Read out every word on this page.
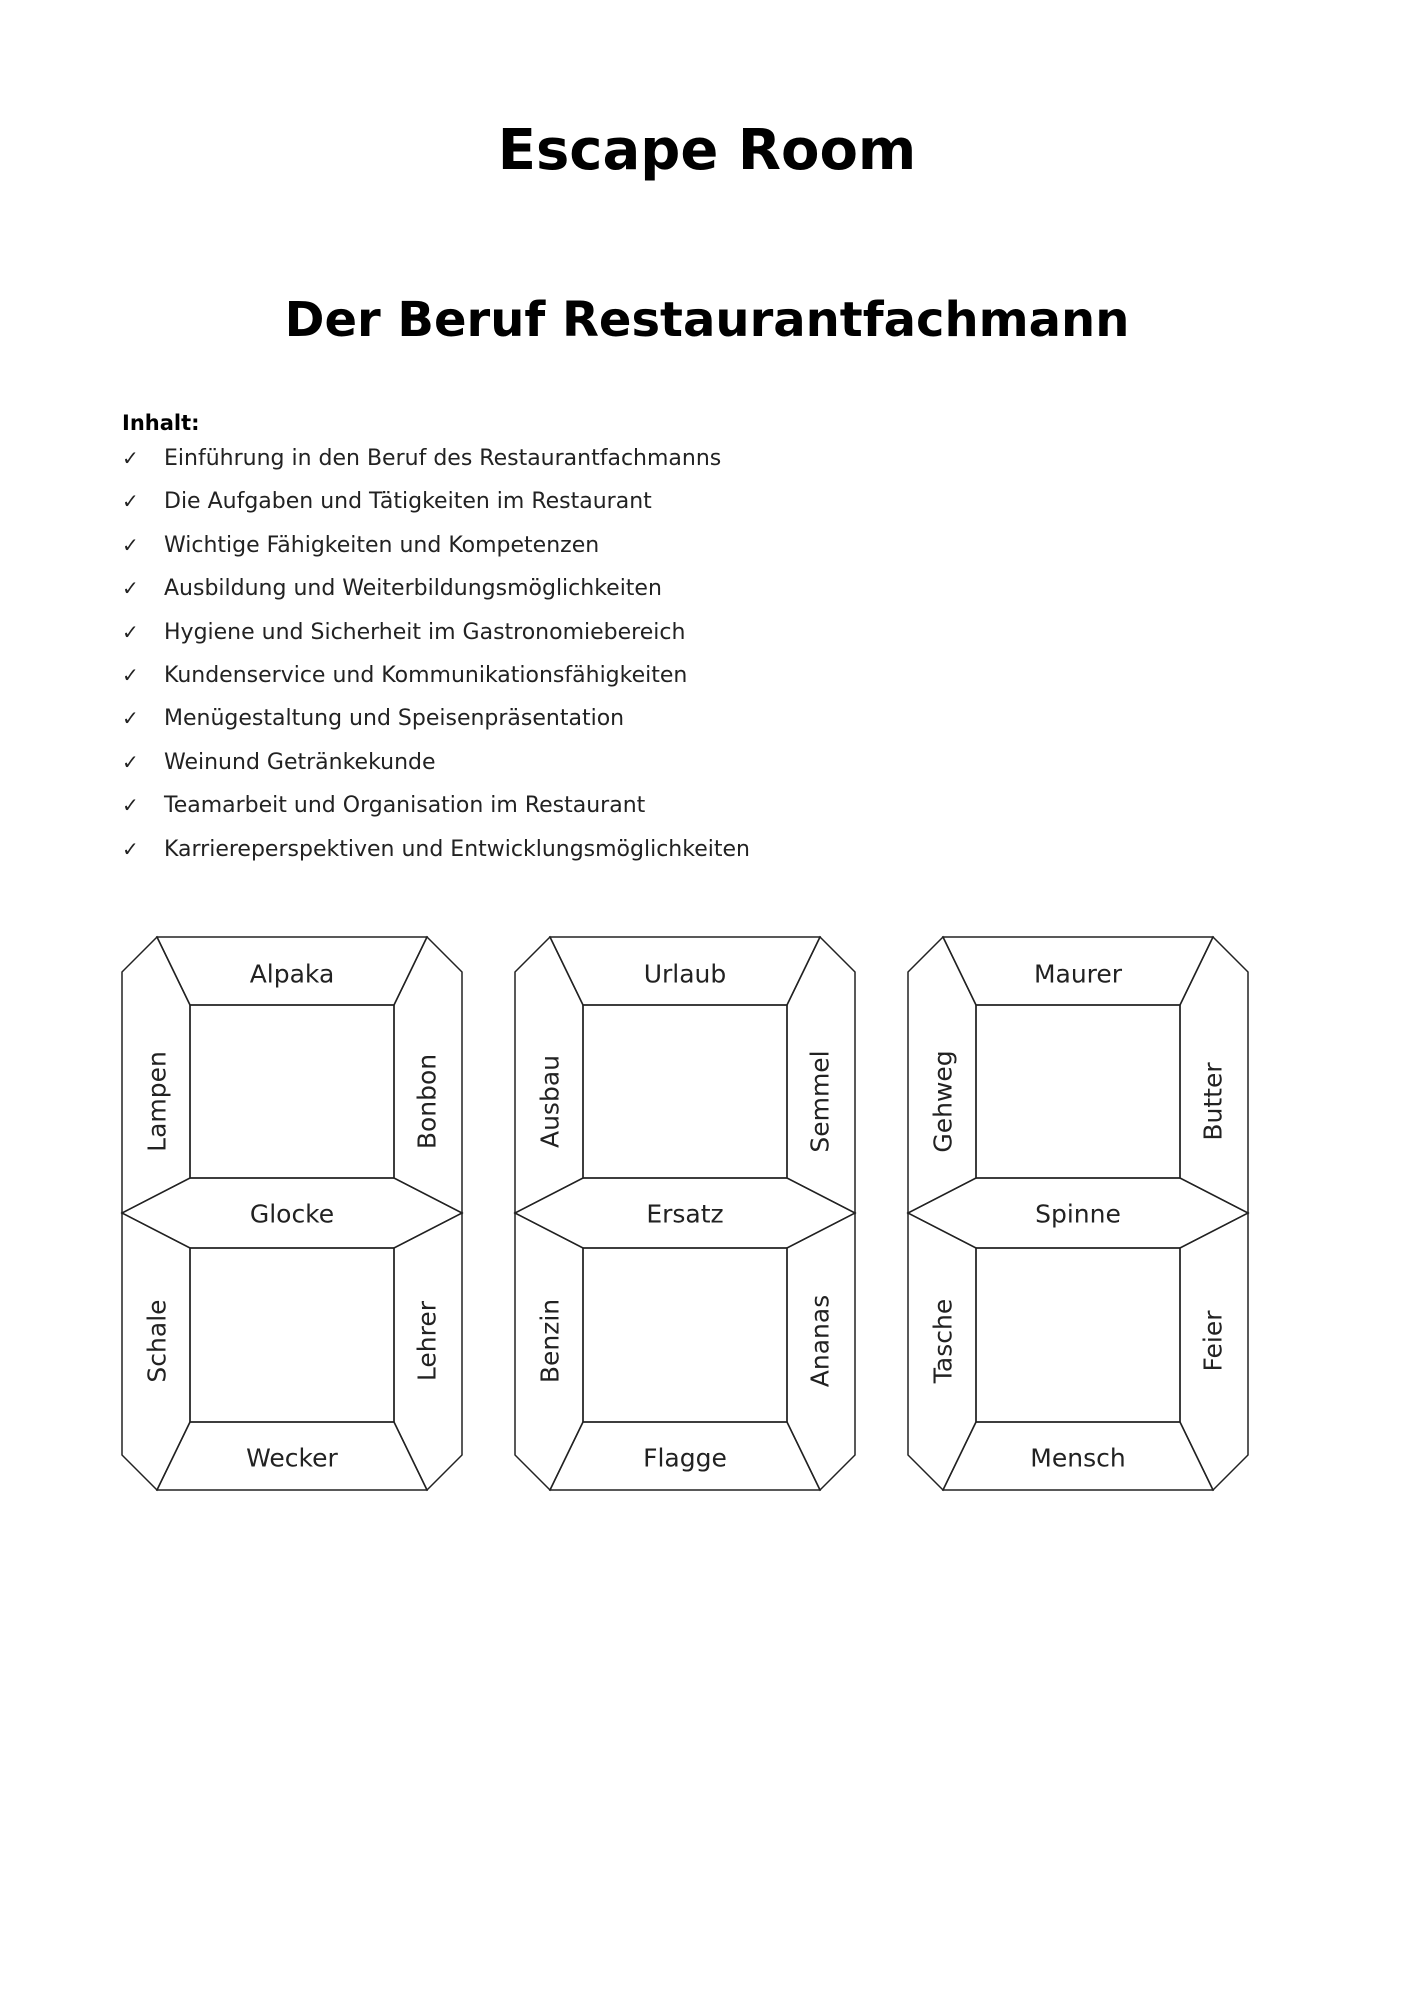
Escape Room
Der Beruf Restaurantfachmann
Inhalt:
✓	Einführung in den Beruf des Restaurantfachmanns
✓	Die Aufgaben und Tätigkeiten im Restaurant
✓	Wichtige Fähigkeiten und Kompetenzen
✓	Ausbildung und Weiterbildungsmöglichkeiten
✓	Hygiene und Sicherheit im Gastronomiebereich
✓	Kundenservice und Kommunikationsfähigkeiten
✓	Menügestaltung und Speisenpräsentation
✓	Weinund Getränkekunde
✓	Teamarbeit und Organisation im Restaurant
✓	Karriereperspektiven und Entwicklungsmöglichkeiten
Alpaka
Glocke
Wecker
Lampen	Bonbon
Schale	Lehrer
Urlaub
Ersatz
Flagge
Ausbau	Semmel
Benzin	Ananas
Maurer
Spinne
Mensch
Gehweg	Butter
Tasche	Feier
